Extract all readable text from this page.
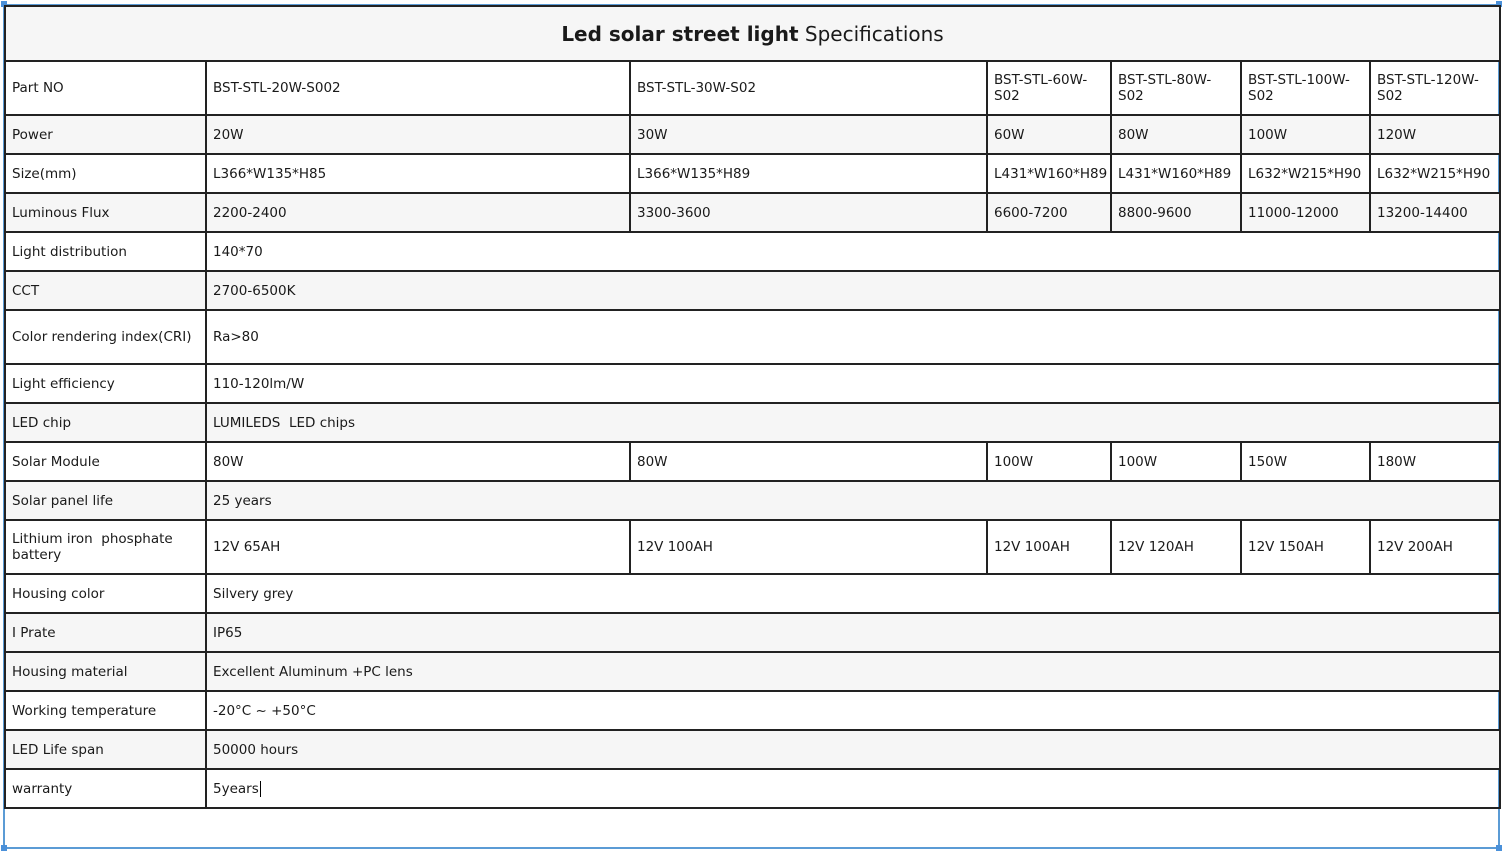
Led solar street light Specifications						
Part NO	BST-STL-20W-S002	BST-STL-30W-S02	BST-STL-60W-S02	BST-STL-80W-S02	BST-STL-100W-S02	BST-STL-120W-S02
Power	20W	30W	60W	80W	100W	120W
Size(mm)	L366*W135*H85	L366*W135*H89	L431*W160*H89	L431*W160*H89	L632*W215*H90	L632*W215*H90
Luminous Flux	2200-2400	3300-3600	6600-7200	8800-9600	11000-12000	13200-14400
Light distribution	140*70					
CCT	2700-6500K					
Color rendering index(CRI)	Ra>80					
Light efficiency	110-120lm/W					
LED chip	LUMILEDS  LED chips					
Solar Module	80W	80W	100W	100W	150W	180W
Solar panel life	25 years					
Lithium iron  phosphate battery	12V 65AH	12V 100AH	12V 100AH	12V 120AH	12V 150AH	12V 200AH
Housing color	Silvery grey					
I Prate	IP65					
Housing material	Excellent Aluminum +PC lens					
Working temperature	-20°C ~ +50°C					
LED Life span	50000 hours					
warranty	5years					
